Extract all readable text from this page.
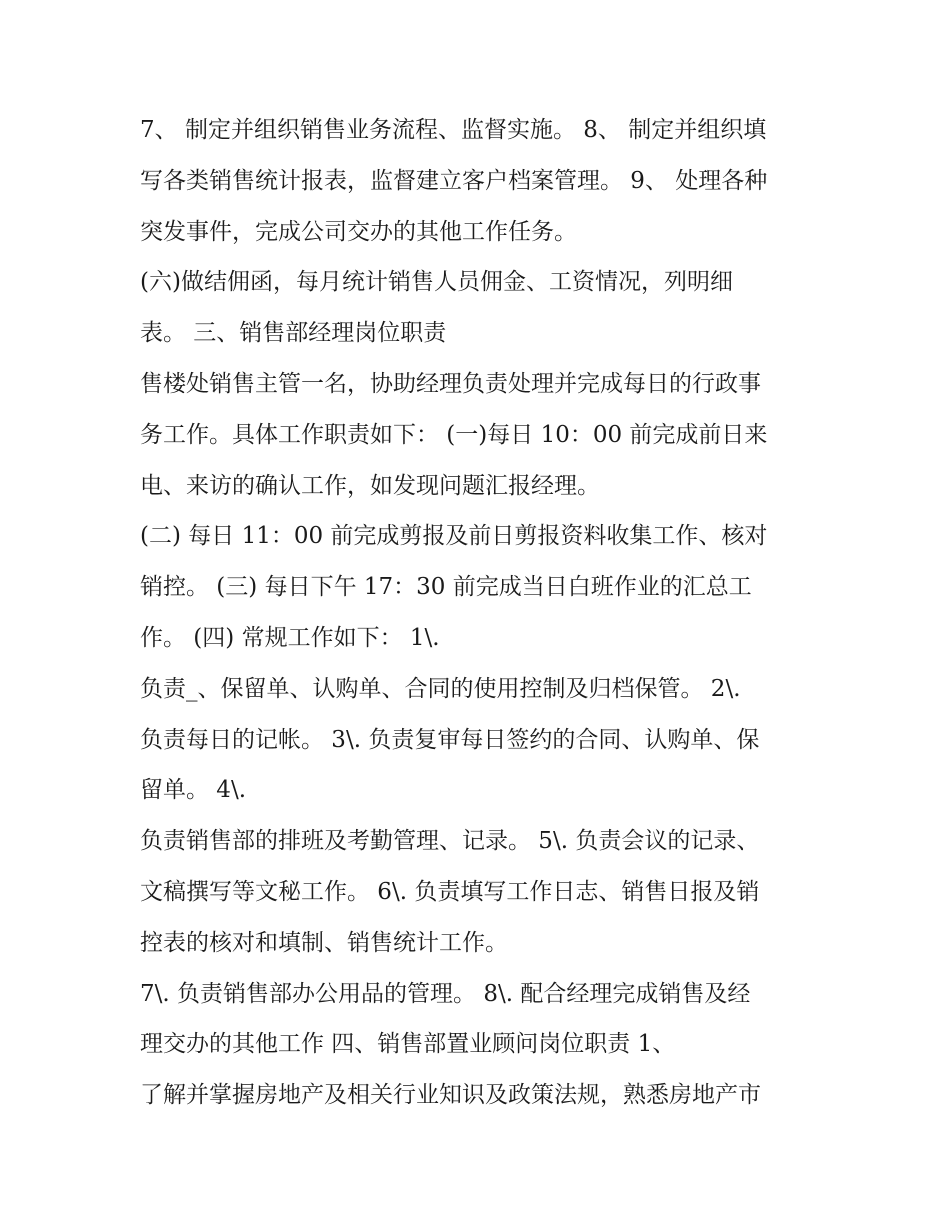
7、 制定并组织销售业务流程、监督实施。 8、 制定并组织填
写各类销售统计报表，监督建立客户档案管理。 9、 处理各种
突发事件，完成公司交办的其他工作任务。
(六)做结佣函，每月统计销售人员佣金、工资情况，列明细
表。 三、销售部经理岗位职责
售楼处销售主管一名，协助经理负责处理并完成每日的行政事
务工作。具体工作职责如下： (一)每日 10：00 前完成前日来
电、来访的确认工作，如发现问题汇报经理。
(二) 每日 11：00 前完成剪报及前日剪报资料收集工作、核对
销控。 (三) 每日下午 17：30 前完成当日白班作业的汇总工
作。 (四) 常规工作如下： 1\.
负责_、保留单、认购单、合同的使用控制及归档保管。 2\.
负责每日的记帐。 3\. 负责复审每日签约的合同、认购单、保
留单。 4\.
负责销售部的排班及考勤管理、记录。 5\. 负责会议的记录、
文稿撰写等文秘工作。 6\. 负责填写工作日志、销售日报及销
控表的核对和填制、销售统计工作。
7\. 负责销售部办公用品的管理。 8\. 配合经理完成销售及经
理交办的其他工作 四、销售部置业顾问岗位职责 1、
了解并掌握房地产及相关行业知识及政策法规，熟悉房地产市
